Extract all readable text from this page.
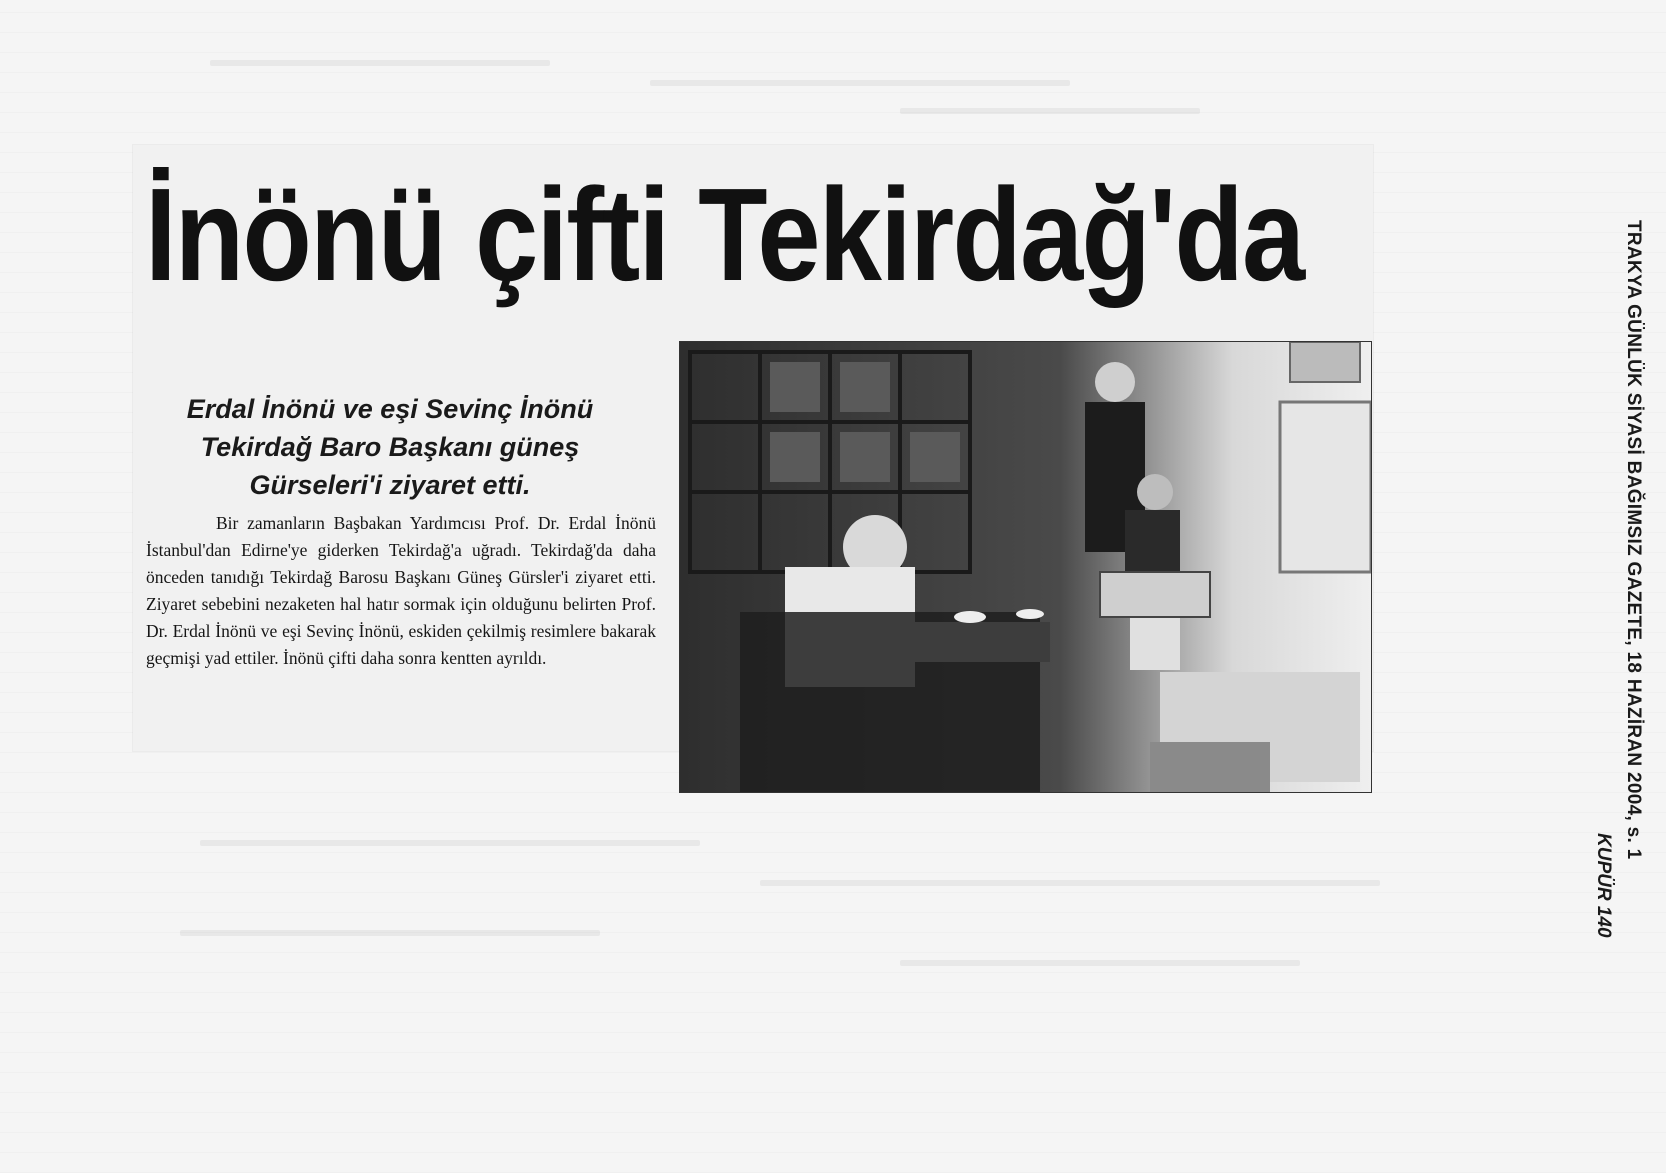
İnönü çifti Tekirdağ'da
Erdal İnönü ve eşi Sevinç İnönü Tekirdağ Baro Başkanı güneş Gürseleri'i ziyaret etti.
Bir zamanların Başbakan Yardımcısı Prof. Dr. Erdal İnönü İstanbul'dan Edirne'ye giderken Tekirdağ'a uğradı. Tekirdağ'da daha önceden tanıdığı Tekirdağ Barosu Başkanı Güneş Gürsler'i ziyaret etti. Ziyaret sebebini nezaketen hal hatır sormak için olduğunu belirten Prof. Dr. Erdal İnönü ve eşi Sevinç İnönü, eskiden çekilmiş resimlere bakarak geçmişi yad ettiler. İnönü çifti daha sonra kentten ayrıldı.	TRAKYA GÜNLÜK SİYASİ BAĞIMSIZ GAZETE, 18 HAZİRAN 2004, s. 1
KUPÜR 140
